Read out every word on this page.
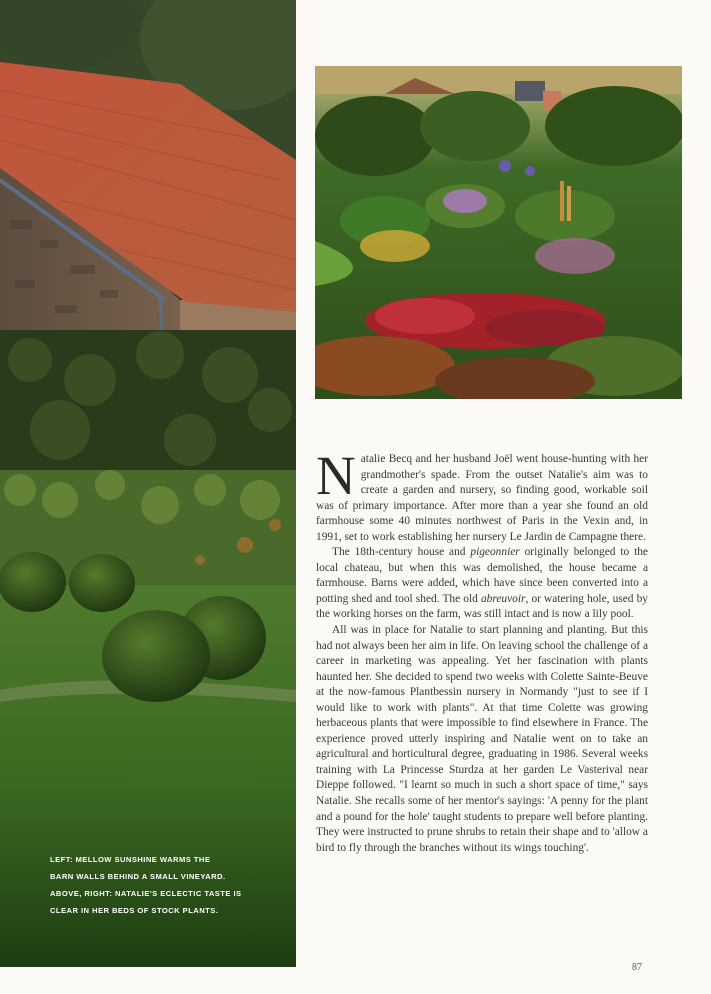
LEFT: MELLOW SUNSHINE WARMS THE
BARN WALLS BEHIND A SMALL VINEYARD.
ABOVE, RIGHT: NATALIE'S ECLECTIC TASTE IS
CLEAR IN HER BEDS OF STOCK PLANTS.

Natalie Becq and her husband Joël went house-hunting with her grandmother's spade. From the outset Natalie's aim was to create a garden and nursery, so finding good, workable soil was of primary importance. After more than a year she found an old farmhouse some 40 minutes northwest of Paris in the Vexin and, in 1991, set to work establishing her nursery Le Jardin de Campagne there.

The 18th-century house and pigeonnier originally belonged to the local chateau, but when this was demolished, the house became a farmhouse. Barns were added, which have since been converted into a potting shed and tool shed. The old abreuvoir, or watering hole, used by the working horses on the farm, was still intact and is now a lily pool.

All was in place for Natalie to start planning and planting. But this had not always been her aim in life. On leaving school the challenge of a career in marketing was appealing. Yet her fascination with plants haunted her. She decided to spend two weeks with Colette Sainte-Beuve at the now-famous Plantbessin nursery in Normandy "just to see if I would like to work with plants". At that time Colette was growing herbaceous plants that were impossible to find elsewhere in France. The experience proved utterly inspiring and Natalie went on to take an agricultural and horticultural degree, graduating in 1986. Several weeks training with La Princesse Sturdza at her garden Le Vasterival near Dieppe followed. "I learnt so much in such a short space of time," says Natalie. She recalls some of her mentor's sayings: 'A penny for the plant and a pound for the hole' taught students to prepare well before planting. They were instructed to prune shrubs to retain their shape and to 'allow a bird to fly through the branches without its wings touching'.

87
